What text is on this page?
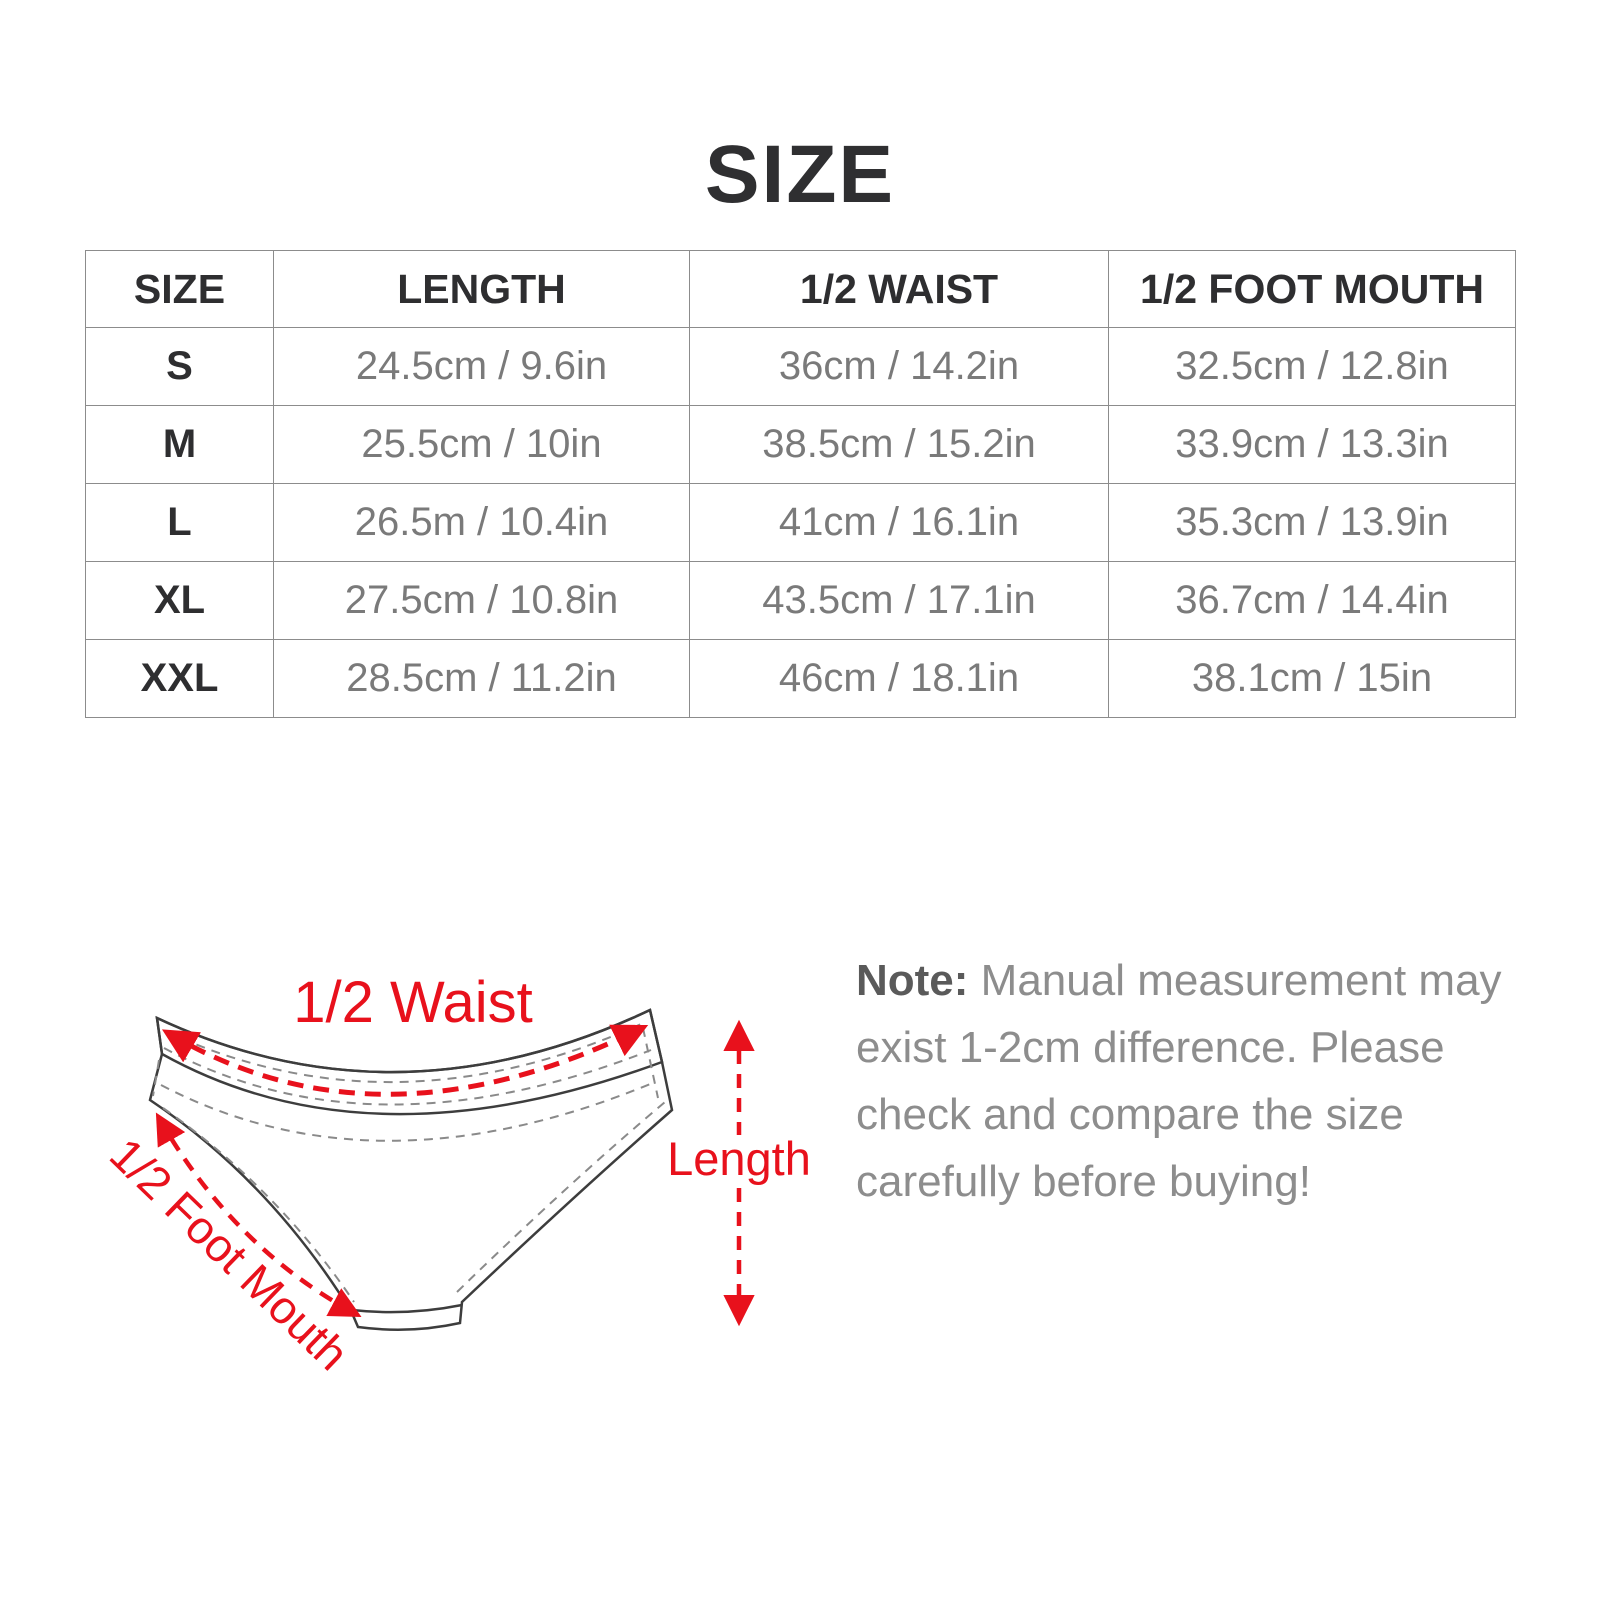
SIZE
SIZE	LENGTH	1/2 WAIST	1/2 FOOT MOUTH
S	24.5cm / 9.6in	36cm / 14.2in	32.5cm / 12.8in
M	25.5cm / 10in	38.5cm / 15.2in	33.9cm / 13.3in
L	26.5m / 10.4in	41cm / 16.1in	35.3cm / 13.9in
XL	27.5cm / 10.8in	43.5cm / 17.1in	36.7cm / 14.4in
XXL	28.5cm / 11.2in	46cm / 18.1in	38.1cm / 15in
1/2 Waist
Length
1/2 Foot Mouth

Note: Manual measurement may exist 1-2cm difference. Please check and compare the size carefully before buying!
